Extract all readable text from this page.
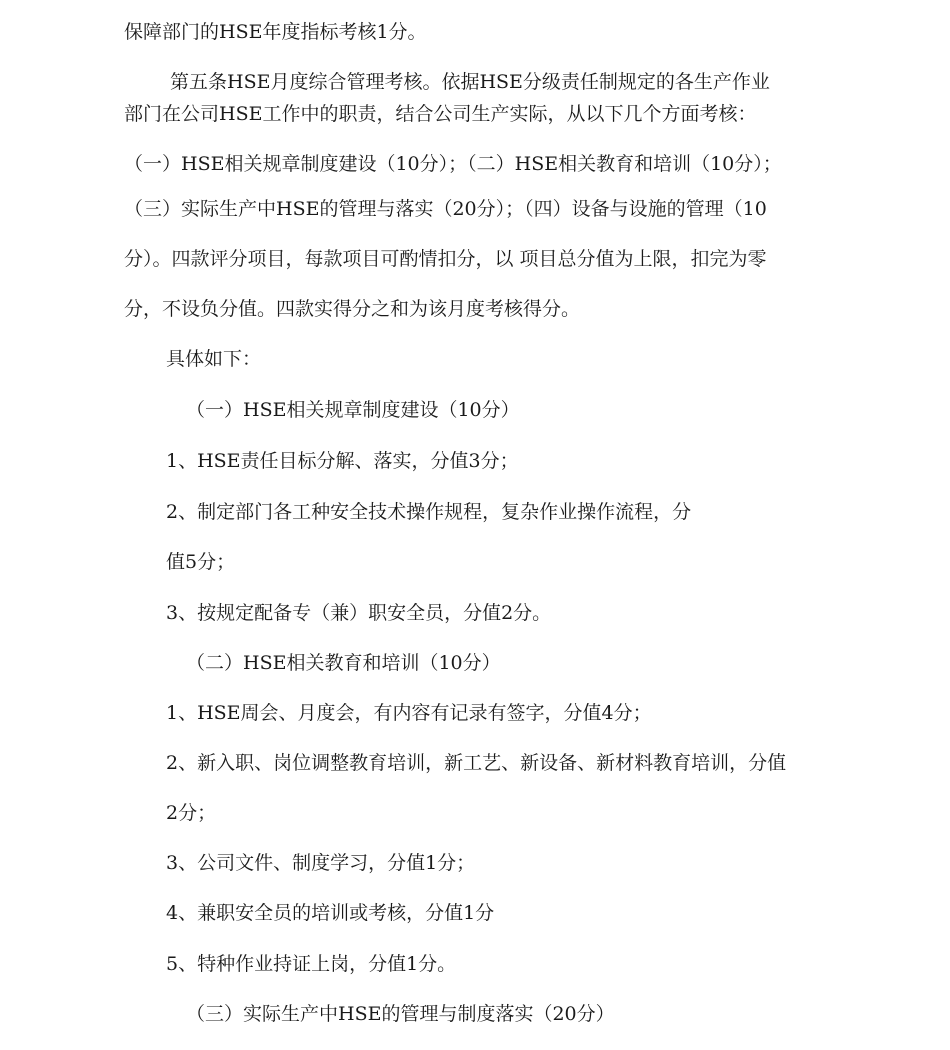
保障部门的HSE年度指标考核1分。
第五条HSE月度综合管理考核。依据HSE分级责任制规定的各生产作业
部门在公司HSE工作中的职责，结合公司生产实际，从以下几个方面考核：
（一）HSE相关规章制度建设（10分）；（二）HSE相关教育和培训（10分）；
（三）实际生产中HSE的管理与落实（20分）；（四）设备与设施的管理（10
分）。四款评分项目，每款项目可酌情扣分，以 项目总分值为上限，扣完为零
分，不设负分值。四款实得分之和为该月度考核得分。
具体如下：
（一）HSE相关规章制度建设（10分）
1、HSE责任目标分解、落实，分值3分；
2、制定部门各工种安全技术操作规程，复杂作业操作流程，分
值5分；
3、按规定配备专（兼）职安全员，分值2分。
（二）HSE相关教育和培训（10分）
1、HSE周会、月度会，有内容有记录有签字，分值4分；
2、新入职、岗位调整教育培训，新工艺、新设备、新材料教育培训，分值
2分；
3、公司文件、制度学习，分值1分；
4、兼职安全员的培训或考核，分值1分
5、特种作业持证上岗，分值1分。
（三）实际生产中HSE的管理与制度落实（20分）
